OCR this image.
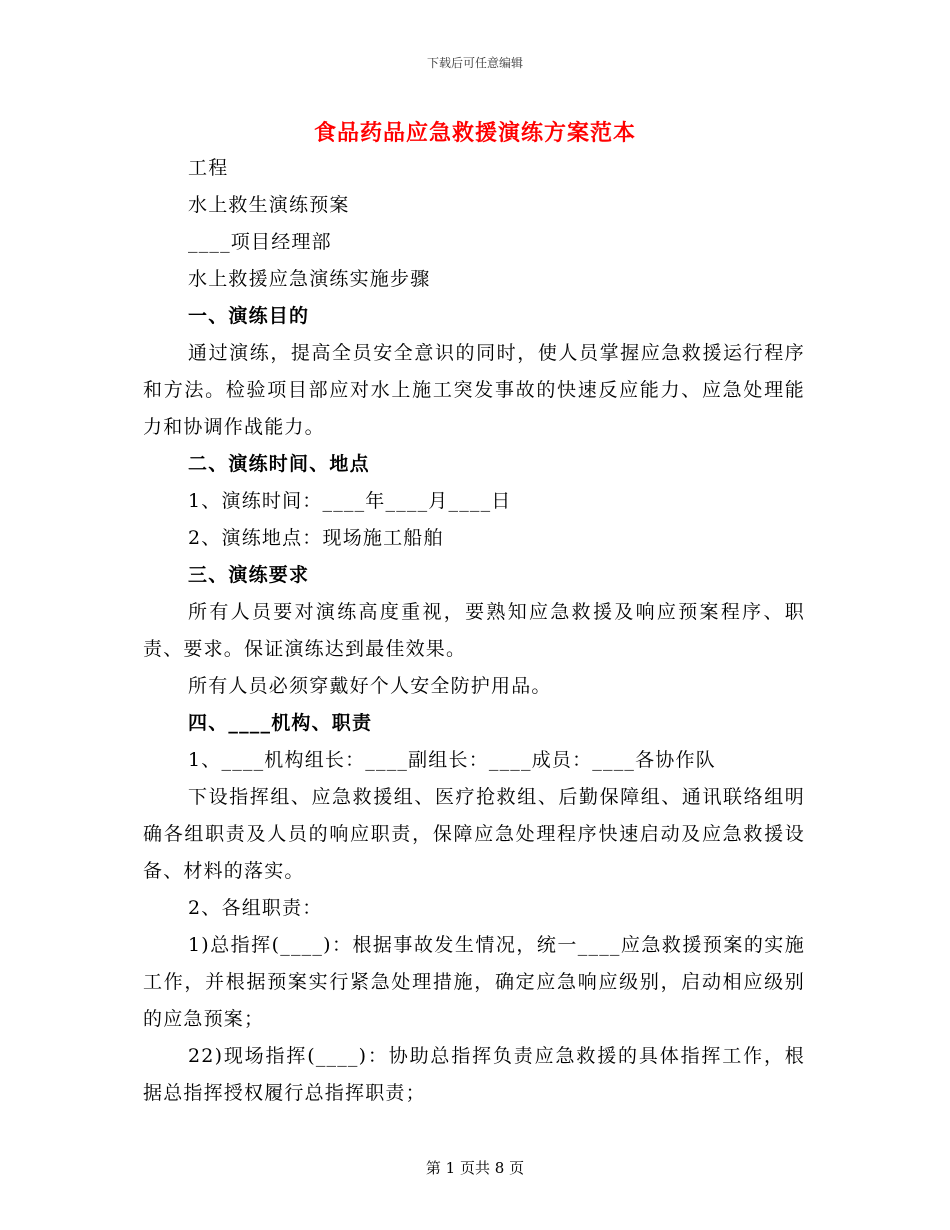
下载后可任意编辑
食品药品应急救援演练方案范本
工程
水上救生演练预案
____项目经理部
水上救援应急演练实施步骤
一、演练目的
通过演练，提高全员安全意识的同时，使人员掌握应急救援运行程序和方法。检验项目部应对水上施工突发事故的快速反应能力、应急处理能力和协调作战能力。
二、演练时间、地点
1、演练时间：____年____月____日
2、演练地点：现场施工船舶
三、演练要求
所有人员要对演练高度重视，要熟知应急救援及响应预案程序、职责、要求。保证演练达到最佳效果。
所有人员必须穿戴好个人安全防护用品。
四、____机构、职责
1、____机构组长：____副组长：____成员：____各协作队
下设指挥组、应急救援组、医疗抢救组、后勤保障组、通讯联络组明确各组职责及人员的响应职责，保障应急处理程序快速启动及应急救援设备、材料的落实。
2、各组职责：
1)总指挥(____)：根据事故发生情况，统一____应急救援预案的实施工作，并根据预案实行紧急处理措施，确定应急响应级别，启动相应级别的应急预案；
22)现场指挥(____)：协助总指挥负责应急救援的具体指挥工作，根据总指挥授权履行总指挥职责；
第 1 页共 8 页
